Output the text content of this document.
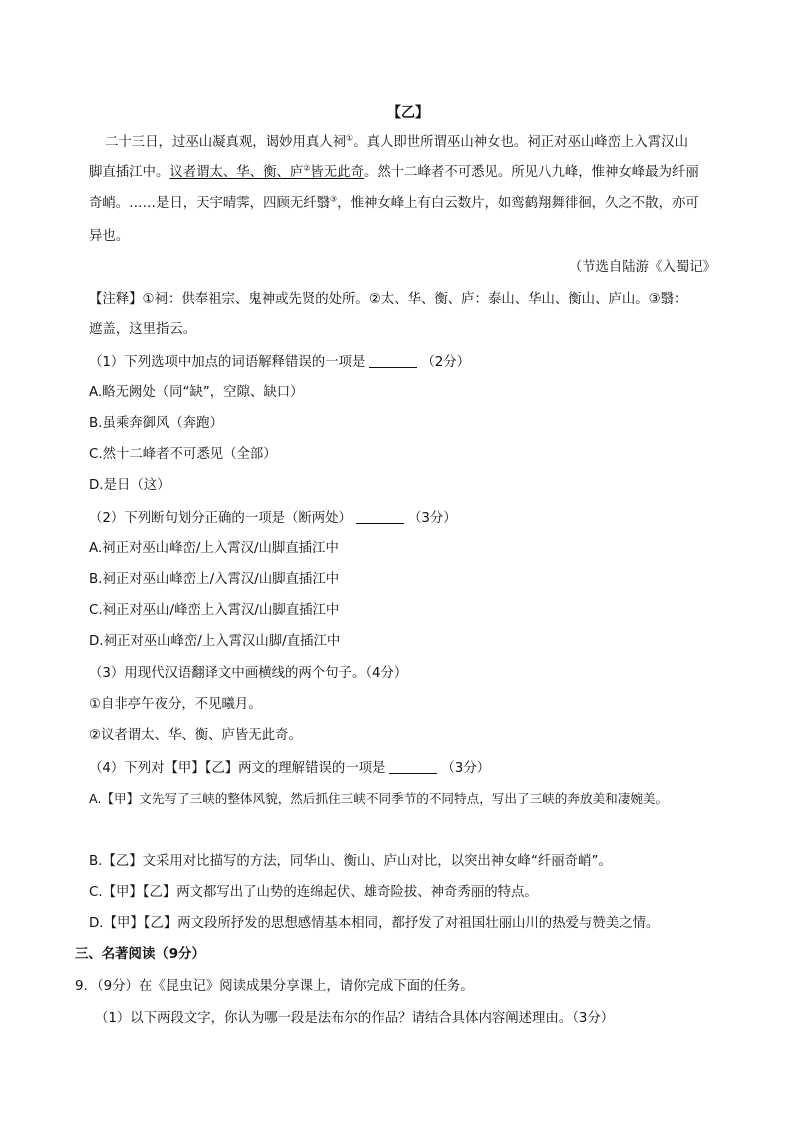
【乙】
二十三日，过巫山凝真观，谒妙用真人祠①。真人即世所谓巫山神女也。祠正对巫山峰峦上入霄汉山
脚直插江中。议者谓太、华、衡、庐②皆无此奇。然十二峰者不可悉见。所见八九峰，惟神女峰最为纤丽
奇峭。……是日，天宇晴霁，四顾无纤翳③，惟神女峰上有白云数片，如鸾鹤翔舞徘徊，久之不散，亦可
异也。
（节选自陆游《入蜀记》
【注释】①祠：供奉祖宗、鬼神或先贤的处所。②太、华、衡、庐：泰山、华山、衡山、庐山。③翳：
遮盖，这里指云。
（1）下列选项中加点的词语解释错误的一项是	（2分）
A.略无阙处（同“缺”，空隙、缺口）
B.虽乘奔御风（奔跑）
C.然十二峰者不可悉见（全部）
D.是日（这）
（2）下列断句划分正确的一项是（断两处）	（3分）
A.祠正对巫山峰峦/上入霄汉/山脚直插江中
B.祠正对巫山峰峦上/入霄汉/山脚直插江中
C.祠正对巫山/峰峦上入霄汉/山脚直插江中
D.祠正对巫山峰峦/上入霄汉山脚/直插江中
（3）用现代汉语翻译文中画横线的两个句子。（4分）
①自非亭午夜分，不见曦月。
②议者谓太、华、衡、庐皆无此奇。
（4）下列对【甲】【乙】两文的理解错误的一项是	（3分）
A.【甲】文先写了三峡的整体风貌，然后抓住三峡不同季节的不同特点，写出了三峡的奔放美和凄婉美。
B.【乙】文采用对比描写的方法，同华山、衡山、庐山对比，以突出神女峰“纤丽奇峭”。
C.【甲】【乙】两文都写出了山势的连绵起伏、雄奇险拔、神奇秀丽的特点。
D.【甲】【乙】两文段所抒发的思想感情基本相同，都抒发了对祖国壮丽山川的热爱与赞美之情。
三、名著阅读（9分）
9．（9分）在《昆虫记》阅读成果分享课上，请你完成下面的任务。
（1）以下两段文字，你认为哪一段是法布尔的作品？请结合具体内容阐述理由。（3分）
